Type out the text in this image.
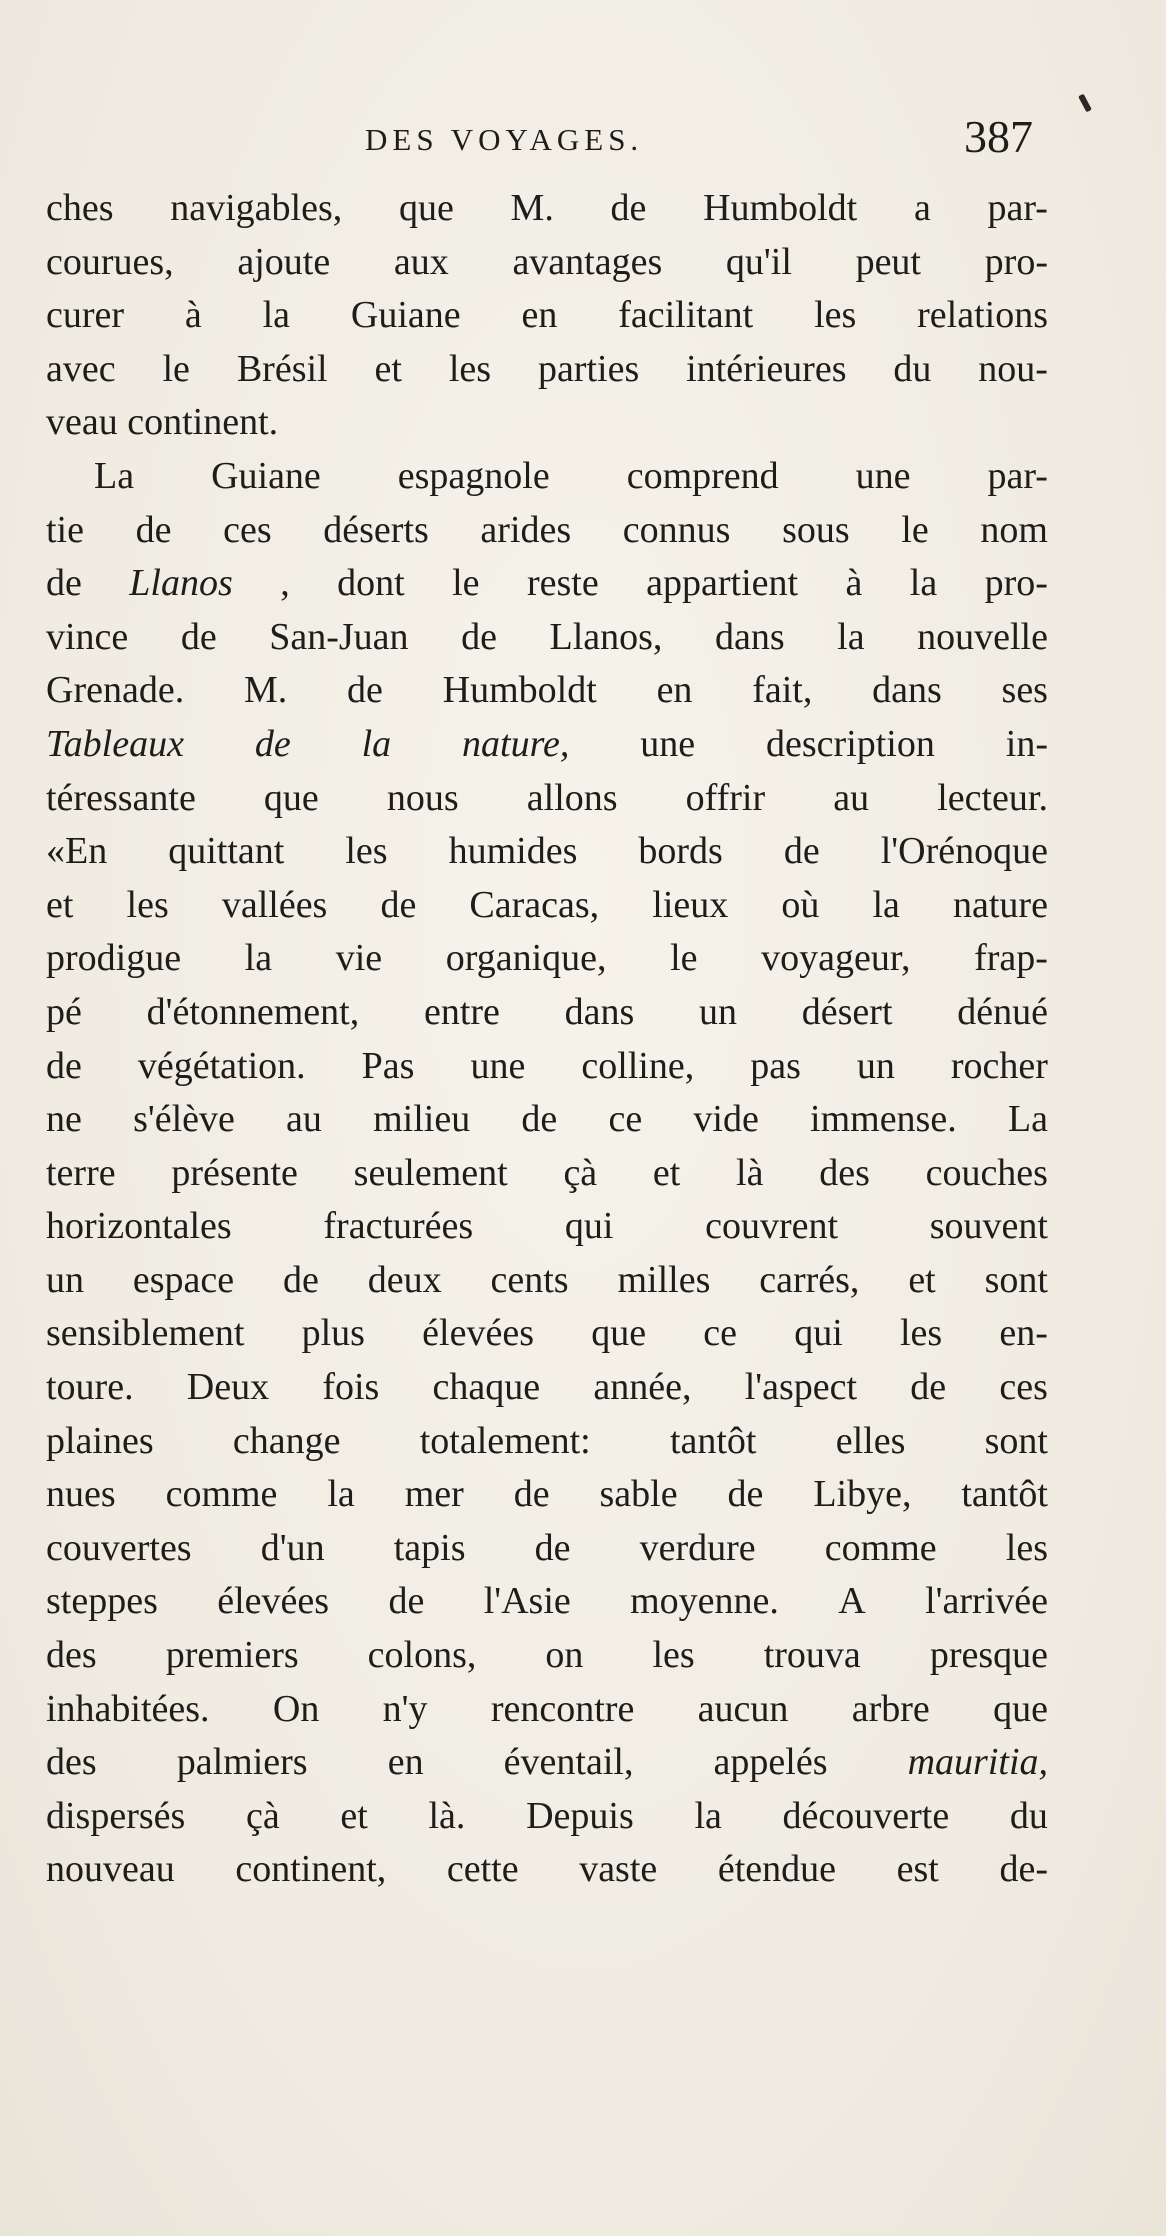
DES VOYAGES.	387
ches navigables, que M. de Humboldt a par-
courues, ajoute aux avantages qu'il peut pro-
curer à la Guiane en facilitant les relations
avec le Brésil et les parties intérieures du nou-
veau
continent.
La Guiane espagnole comprend une par-
tie de ces déserts arides connus sous le nom
de Llanos , dont le reste appartient à la pro-
vince de San-Juan de Llanos, dans la nouvelle
Grenade. M. de Humboldt en fait, dans ses
Tableaux de la nature, une description in-
téressante que nous allons offrir au lecteur.
«En quittant les humides bords de l'Orénoque
et les vallées de Caracas, lieux où la nature
prodigue la vie organique, le voyageur, frap-
pé d'étonnement, entre dans un désert dénué
de végétation. Pas une colline, pas un rocher
ne s'élève au milieu de ce vide immense. La
terre présente seulement çà et là des couches
horizontales fracturées qui couvrent souvent
un espace de deux cents milles carrés, et sont
sensiblement plus élevées que ce qui les en-
toure. Deux fois chaque année, l'aspect de ces
plaines change totalement: tantôt elles sont
nues comme la mer de sable de Libye, tantôt
couvertes d'un tapis de verdure comme les
steppes élevées de l'Asie moyenne. A l'arrivée
des premiers colons, on les trouva presque
inhabitées. On n'y rencontre aucun arbre que
des palmiers en éventail, appelés mauritia,
dispersés çà et là. Depuis la découverte du
nouveau continent, cette vaste étendue est de-
